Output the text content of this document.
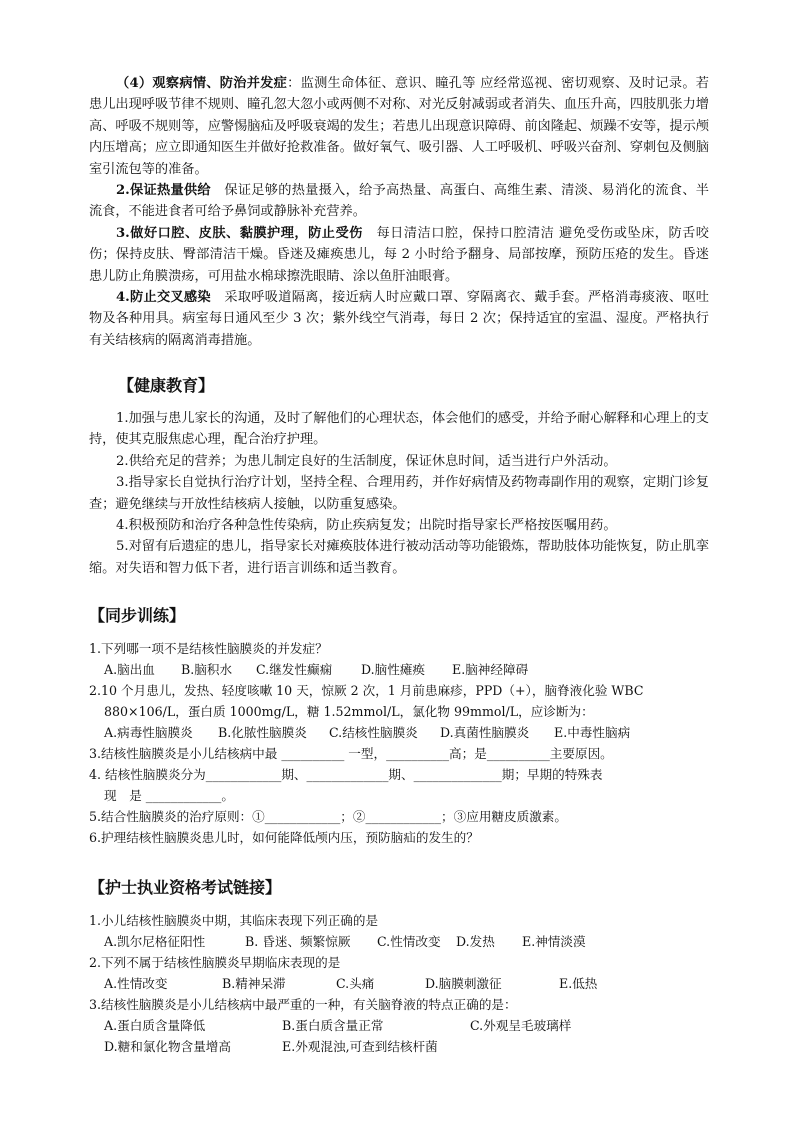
（4）观察病情、防治并发症：监测生命体征、意识、瞳孔等 应经常巡视、密切观察、及时记录。若患儿出现呼吸节律不规则、瞳孔忽大忽小或两侧不对称、对光反射减弱或者消失、血压升高，四肢肌张力增高、呼吸不规则等，应警惕脑疝及呼吸衰竭的发生；若患儿出现意识障碍、前囟隆起、烦躁不安等，提示颅内压增高；应立即通知医生并做好抢救准备。做好氧气、吸引器、人工呼吸机、呼吸兴奋剂、穿刺包及侧脑室引流包等的准备。

2.保证热量供给　保证足够的热量摄入，给予高热量、高蛋白、高维生素、清淡、易消化的流食、半流食，不能进食者可给予鼻饲或静脉补充营养。

3.做好口腔、皮肤、黏膜护理，防止受伤　每日清洁口腔，保持口腔清洁 避免受伤或坠床，防舌咬伤；保持皮肤、臀部清洁干燥。昏迷及瘫痪患儿，每 2 小时给予翻身、局部按摩，预防压疮的发生。昏迷患儿防止角膜溃疡，可用盐水棉球擦洗眼睛、涂以鱼肝油眼膏。

4.防止交叉感染　采取呼吸道隔离，接近病人时应戴口罩、穿隔离衣、戴手套。严格消毒痰液、呕吐物及各种用具。病室每日通风至少 3 次；紫外线空气消毒，每日 2 次；保持适宜的室温、湿度。严格执行有关结核病的隔离消毒措施。

【健康教育】

1.加强与患儿家长的沟通，及时了解他们的心理状态，体会他们的感受，并给予耐心解释和心理上的支持，使其克服焦虑心理，配合治疗护理。

2.供给充足的营养；为患儿制定良好的生活制度，保证休息时间，适当进行户外活动。

3.指导家长自觉执行治疗计划，坚持全程、合理用药，并作好病情及药物毒副作用的观察，定期门诊复查；避免继续与开放性结核病人接触，以防重复感染。

4.积极预防和治疗各种急性传染病，防止疾病复发；出院时指导家长严格按医嘱用药。

5.对留有后遗症的患儿，指导家长对瘫痪肢体进行被动活动等功能锻炼，帮助肢体功能恢复，防止肌挛缩。对失语和智力低下者，进行语言训练和适当教育。

【同步训练】
1.下列哪一项不是结核性脑膜炎的并发症？
A.脑出血 B.脑积水 C.继发性癫痫 D.脑性瘫痪 E.脑神经障碍
2.10 个月患儿，发热、轻度咳嗽 10 天，惊厥 2 次，1 月前患麻疹，PPD（+），脑脊液化验 WBC
880×106/L，蛋白质 1000mg/L，糖 1.52mmol/L，氯化物 99mmol/L，应诊断为：
A.病毒性脑膜炎 B.化脓性脑膜炎 C.结核性脑膜炎 D.真菌性脑膜炎 E.中毒性脑病
3.结核性脑膜炎是小儿结核病中最 __________ 一型，__________高；是__________主要原因。
4. 结核性脑膜炎分为____________期、_____________期、______________期；早期的特殊表
现　是 ____________。
5.结合性脑膜炎的治疗原则：①____________；②____________；③应用糖皮质激素。
6.护理结核性脑膜炎患儿时，如何能降低颅内压，预防脑疝的发生的？
【护士执业资格考试链接】
1.小儿结核性脑膜炎中期，其临床表现下列正确的是
A.凯尔尼格征阳性	B. 昏迷、频繁惊厥 C.性情改变 D.发热 E.神情淡漠
2.下列不属于结核性脑膜炎早期临床表现的是
A.性情改变	B.精神呆滞	C.头痛	D.脑膜刺激征	E.低热
3.结核性脑膜炎是小儿结核病中最严重的一种，有关脑脊液的特点正确的是：
A.蛋白质含量降低	B.蛋白质含量正常	C.外观呈毛玻璃样
D.糖和氯化物含量增高	E.外观混浊,可查到结核杆菌
